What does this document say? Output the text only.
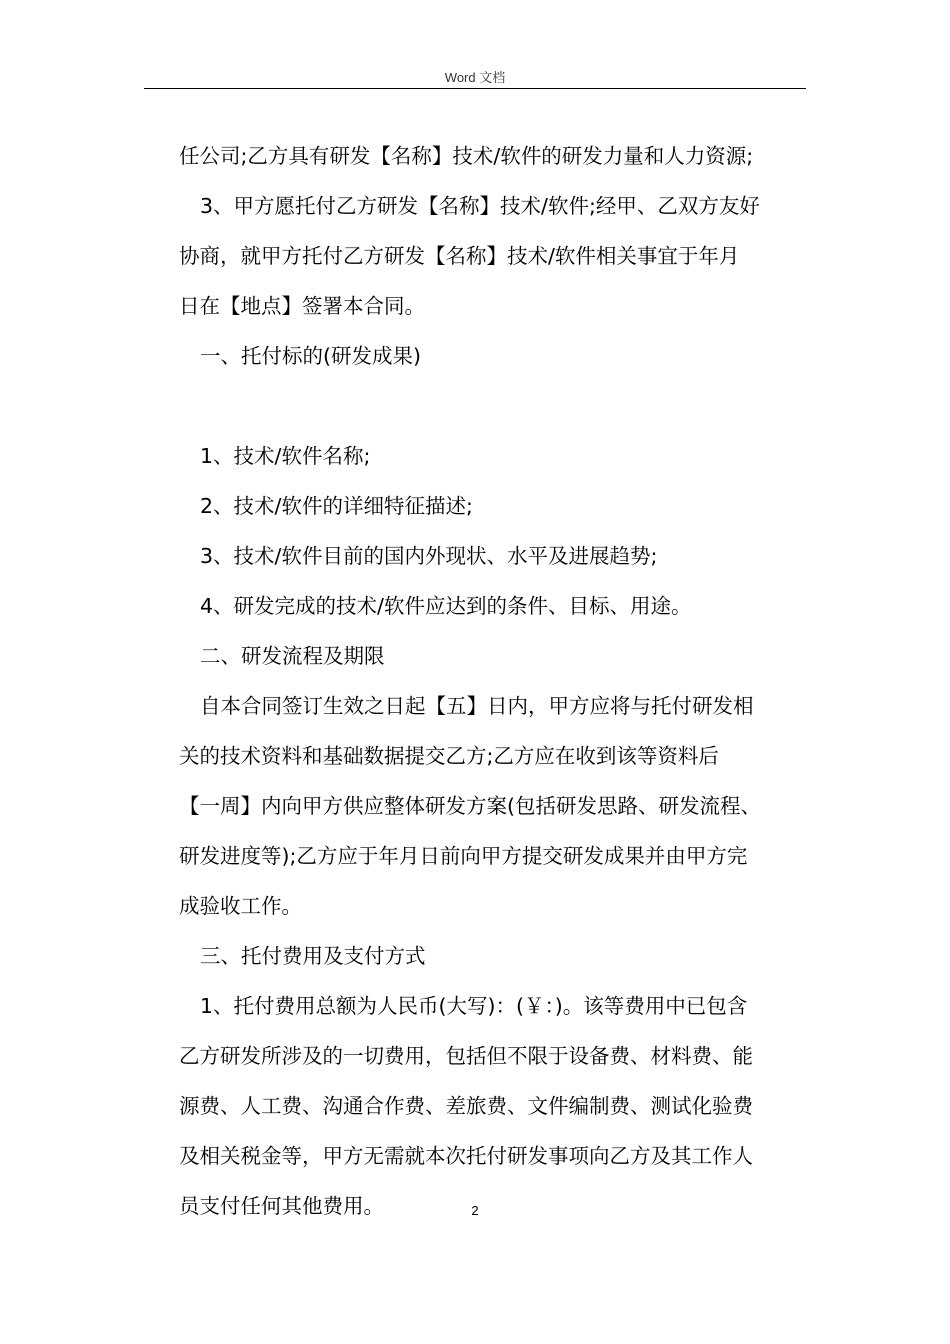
Word 文档
任公司;乙方具有研发【名称】技术/软件的研发力量和人力资源;
3、甲方愿托付乙方研发【名称】技术/软件;经甲、乙双方友好
协商，就甲方托付乙方研发【名称】技术/软件相关事宜于年月
日在【地点】签署本合同。
一、托付标的(研发成果)
1、技术/软件名称;
2、技术/软件的详细特征描述;
3、技术/软件目前的国内外现状、水平及进展趋势;
4、研发完成的技术/软件应达到的条件、目标、用途。
二、研发流程及期限
自本合同签订生效之日起【五】日内，甲方应将与托付研发相
关的技术资料和基础数据提交乙方;乙方应在收到该等资料后
【一周】内向甲方供应整体研发方案(包括研发思路、研发流程、
研发进度等);乙方应于年月日前向甲方提交研发成果并由甲方完
成验收工作。
三、托付费用及支付方式
1、托付费用总额为人民币(大写)：(￥：)。该等费用中已包含
乙方研发所涉及的一切费用，包括但不限于设备费、材料费、能
源费、人工费、沟通合作费、差旅费、文件编制费、测试化验费
及相关税金等，甲方无需就本次托付研发事项向乙方及其工作人
员支付任何其他费用。	2
